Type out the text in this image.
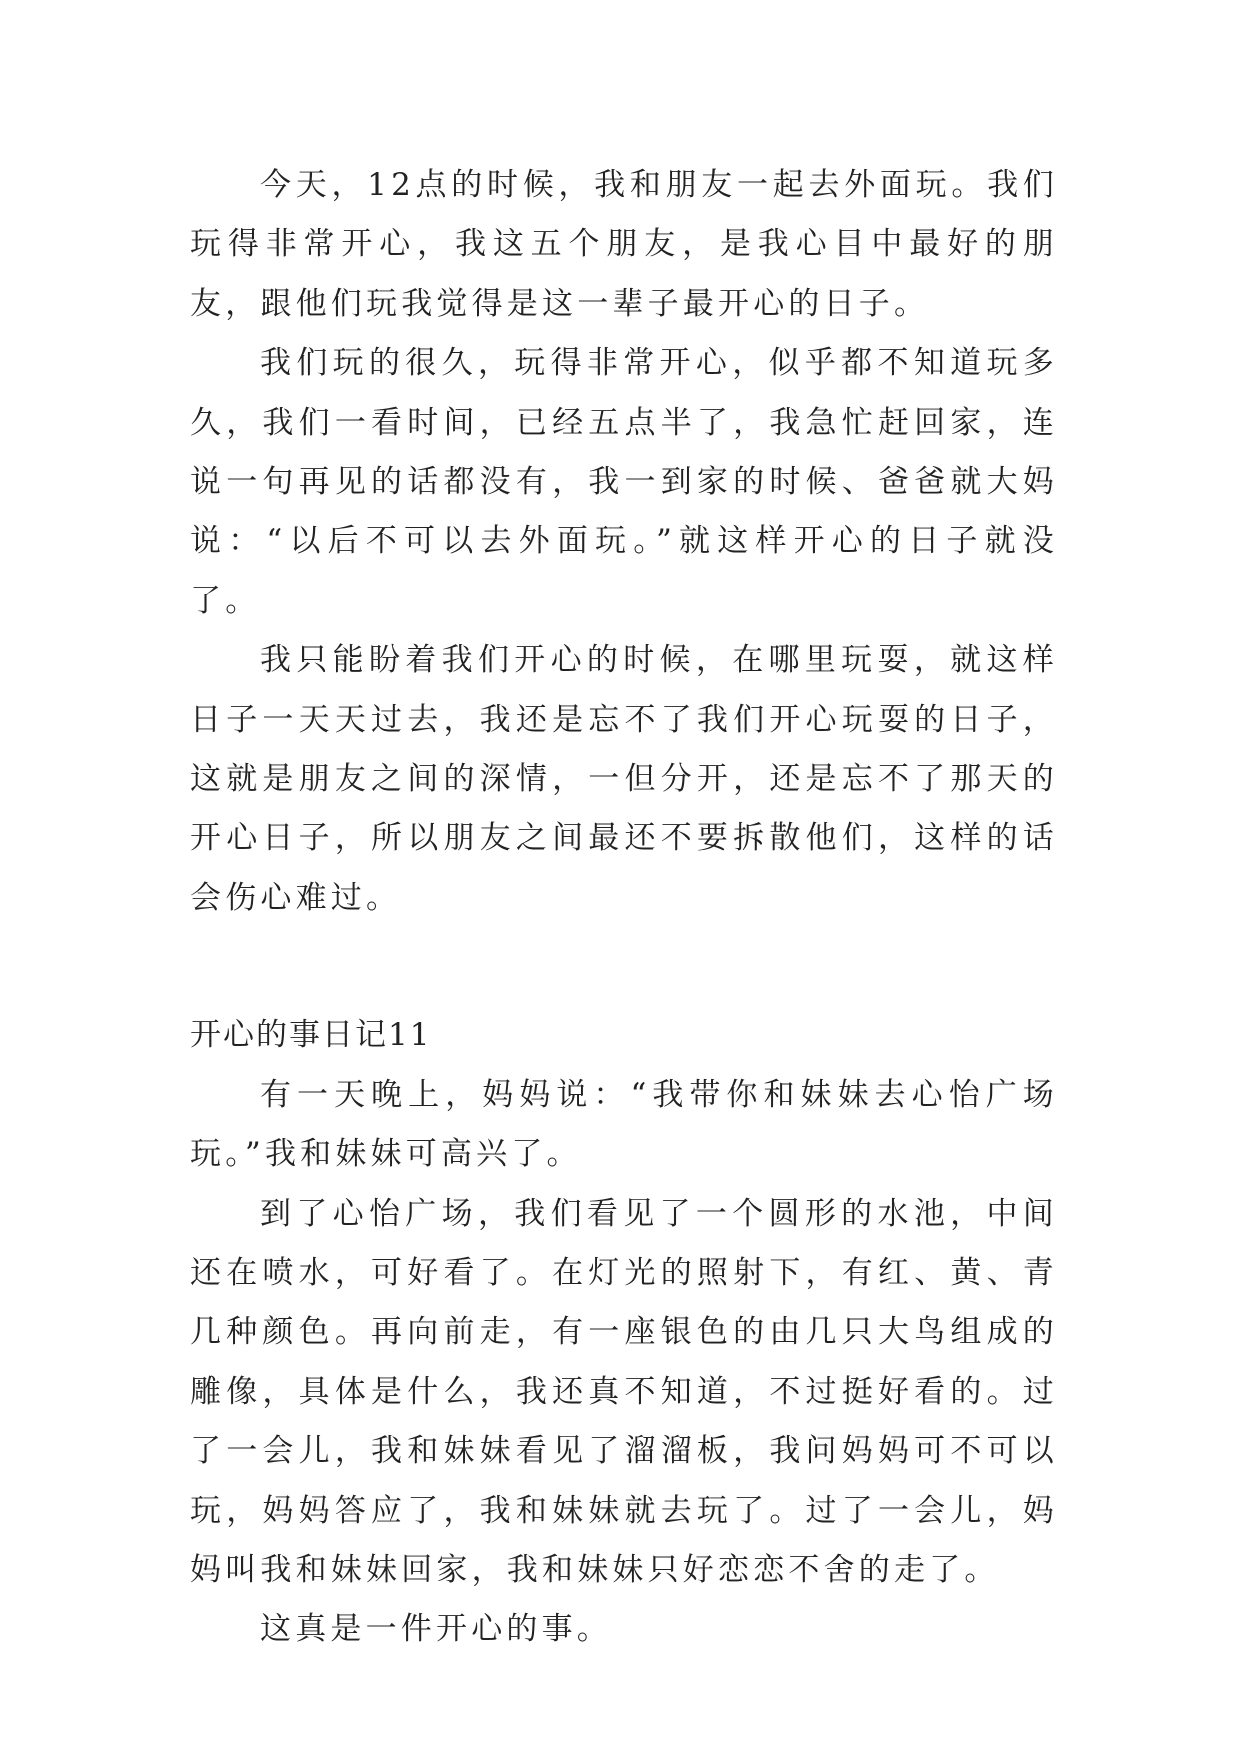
今天，12点的时候，我和朋友一起去外面玩。我们玩得非常开心，我这五个朋友，是我心目中最好的朋友，跟他们玩我觉得是这一辈子最开心的日子。

我们玩的很久，玩得非常开心，似乎都不知道玩多久，我们一看时间，已经五点半了，我急忙赶回家，连说一句再见的话都没有，我一到家的时候、爸爸就大妈说：“以后不可以去外面玩。”就这样开心的日子就没了。

我只能盼着我们开心的时候，在哪里玩耍，就这样日子一天天过去，我还是忘不了我们开心玩耍的日子，这就是朋友之间的深情，一但分开，还是忘不了那天的开心日子，所以朋友之间最还不要拆散他们，这样的话会伤心难过。

开心的事日记11

有一天晚上，妈妈说：“我带你和妹妹去心怡广场玩。”我和妹妹可高兴了。

到了心怡广场，我们看见了一个圆形的水池，中间还在喷水，可好看了。在灯光的照射下，有红、黄、青几种颜色。再向前走，有一座银色的由几只大鸟组成的雕像，具体是什么，我还真不知道，不过挺好看的。过了一会儿，我和妹妹看见了溜溜板，我问妈妈可不可以玩，妈妈答应了，我和妹妹就去玩了。过了一会儿，妈妈叫我和妹妹回家，我和妹妹只好恋恋不舍的走了。

这真是一件开心的事。
